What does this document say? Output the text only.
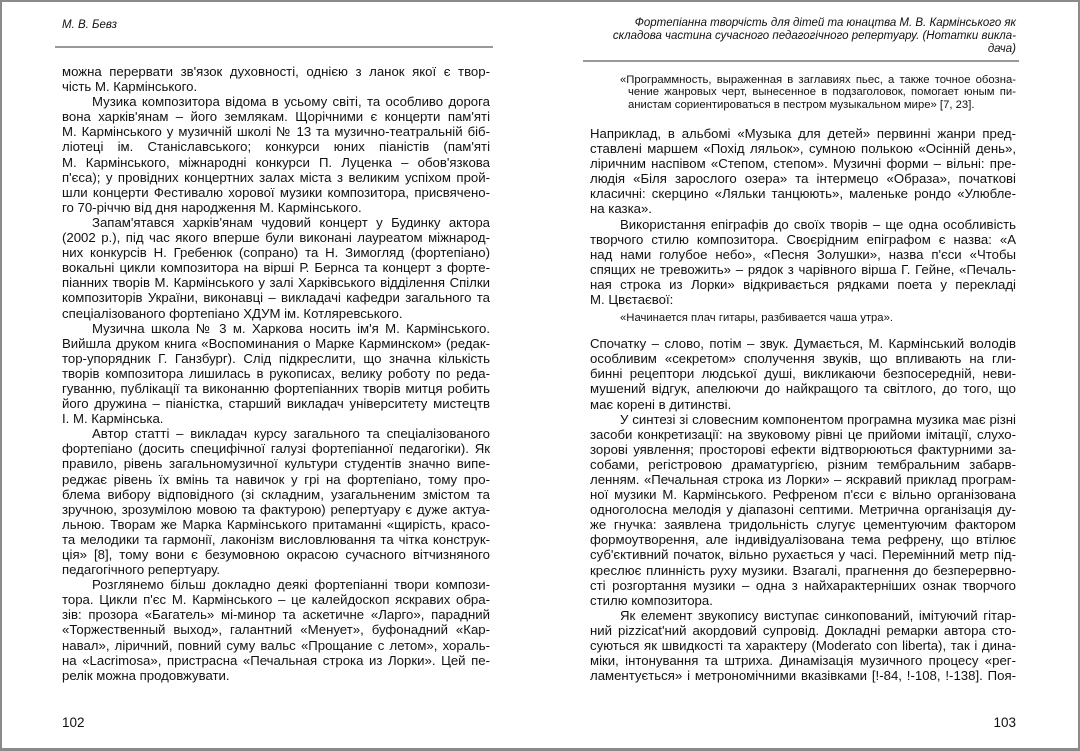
М. В. Бевз
можна перервати зв'язок духовності, однією з ланок якої є твор-
чість М. Кармінського.
Музика композитора відома в усьому світі, та особливо дорога
вона харків'янам – його землякам. Щорічними є концерти пам'яті
М. Кармінського у музичній школі № 13 та музично-театральній біб-
ліотеці ім. Станіславського; конкурси юних піаністів (пам'яті
М. Кармінського, міжнародні конкурси П. Луценка – обов'язкова
п'єса); у провідних концертних залах міста з великим успіхом прой-
шли концерти Фестивалю хорової музики композитора, присвячено-
го 70-річчю від дня народження М. Кармінського.
Запам'ятався харків'янам чудовий концерт у Будинку актора
(2002 р.), під час якого вперше були виконані лауреатом міжнарод-
них конкурсів Н. Гребенюк (сопрано) та Н. Зимогляд (фортепіано)
вокальні цикли композитора на вірші Р. Бернса та концерт з форте-
піанних творів М. Кармінського у залі Харківського відділення Спілки
композиторів України, виконавці – викладачі кафедри загального та
спеціалізованого фортепіано ХДУМ ім. Котляревського.
Музична школа № 3 м. Харкова носить ім'я М. Кармінського.
Вийшла друком книга «Воспоминания о Марке Карминском» (редак-
тор-упорядник Г. Ганзбург). Слід підкреслити, що значна кількість
творів композитора лишилась в рукописах, велику роботу по реда-
гуванню, публікації та виконанню фортепіанних творів митця робить
його дружина – піаністка, старший викладач університету мистецтв
І. М. Кармінська.
Автор статті – викладач курсу загального та спеціалізованого
фортепіано (досить специфічної галузі фортепіанної педагогіки). Як
правило, рівень загальномузичної культури студентів значно випе-
реджає рівень їх вмінь та навичок у грі на фортепіано, тому про-
блема вибору відповідного (зі складним, узагальненим змістом та
зручною, зрозумілою мовою та фактурою) репертуару є дуже актуа-
льною. Творам же Марка Кармінського притаманні «щирість, красо-
та мелодики та гармонії, лаконізм висловлювання та чітка конструк-
ція» [8], тому вони є безумовною окрасою сучасного вітчизняного
педагогічного репертуару.
Розглянемо більш докладно деякі фортепіанні твори компози-
тора. Цикли п'єс М. Кармінського – це калейдоскоп яскравих обра-
зів: прозора «Багатель» мі-минор та аскетичне «Ларго», парадний
«Торжественный выход», галантний «Менует», буфонадний «Кар-
навал», ліричний, повний суму вальс «Прощание с летом», хораль-
на «Lacrimosa», пристрасна «Печальная строка из Лорки». Цей пе-
релік можна продовжувати.
102
Фортепіанна творчість для дітей та юнацтва М. В. Кармінського як
складова частина сучасного педагогічного репертуару. (Нотатки викла-
дача)
«Программность, выраженная в заглавиях пьес, а также точное обозна-
чение жанровых черт, вынесенное в подзаголовок, помогает юным пи-
анистам сориентироваться в пестром музыкальном мире» [7, 23].
Наприклад, в альбомі «Музыка для детей» первинні жанри пред-
ставлені маршем «Похід ляльок», сумною полькою «Осінній день»,
ліричним наспівом «Степом, степом». Музичні форми – вільні: пре-
людія «Біля зарослого озера» та інтермецо «Образа», початкові
класичні: скерцино «Ляльки танцюють», маленьке рондо «Улюбле-
на казка».
Використання епіграфів до своїх творів – ще одна особливість
творчого стилю композитора. Своєрідним епіграфом є назва: «А
над нами голубое небо», «Песня Золушки», назва п'єси «Чтобы
спящих не тревожить» – рядок з чарівного вірша Г. Гейне, «Печаль-
ная строка из Лорки» відкривається рядками поета у перекладі
М. Цвєтаєвої:
«Начинается плач гитары, разбивается чаша утра».
Спочатку – слово, потім – звук. Думається, М. Кармінський володів
особливим «секретом» сполучення звуків, що впливають на гли-
бинні рецептори людської душі, викликаючи безпосередній, неви-
мушений відгук, апелюючи до найкращого та світлого, до того, що
має корені в дитинстві.
У синтезі зі словесним компонентом програмна музика має різні
засоби конкретизації: на звуковому рівні це прийоми імітації, слухо-
зорові уявлення; просторові ефекти відтворюються фактурними за-
собами, регістровою драматургією, різним тембральним забарв-
ленням. «Печальная строка из Лорки» – яскравий приклад програм-
ної музики М. Кармінського. Рефреном п'єси є вільно організована
одноголосна мелодія у діапазоні септими. Метрична організація ду-
же гнучка: заявлена тридольність слугує цементуючим фактором
формоутворення, але індивідуалізована тема рефрену, що втілює
суб'єктивний початок, вільно рухається у часі. Перемінний метр під-
креслює плинність руху музики. Взагалі, прагнення до безперервно-
сті розгортання музики – одна з найхарактерніших ознак творчого
стилю композитора.
Як елемент звукопису виступає синкопований, імітуючий гітар-
ний pizzicat'ний акордовий супровід. Докладні ремарки автора сто-
суються як швидкості та характеру (Moderato con liberta), так і дина-
міки, інтонування та штриха. Динамізація музичного процесу «рег-
ламентується» і метрономічними вказівками [!-84, !-108, !-138]. Поя-
103
